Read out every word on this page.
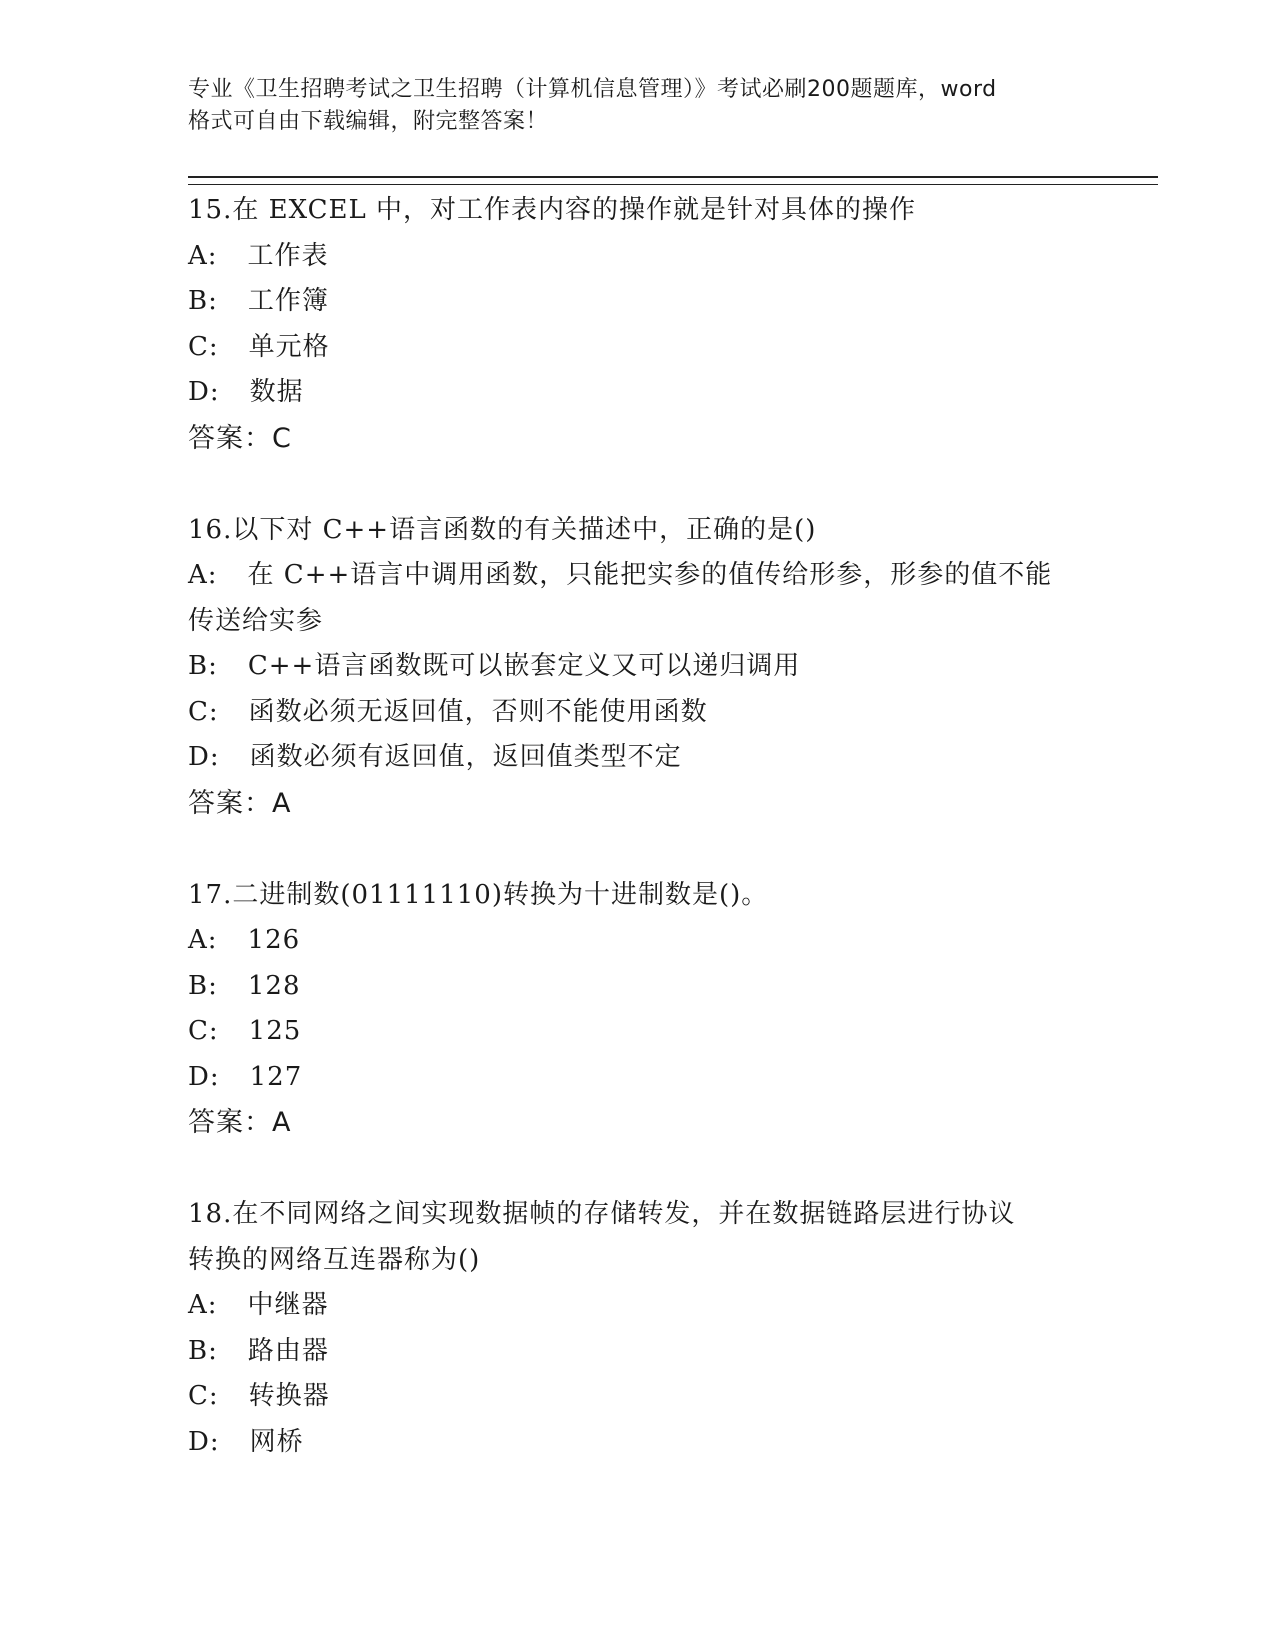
专业《卫生招聘考试之卫生招聘（计算机信息管理）》考试必刷200题题库，word
格式可自由下载编辑，附完整答案！
15.在 EXCEL 中，对工作表内容的操作就是针对具体的操作
A: 工作表
B: 工作簿
C: 单元格
D: 数据
答案：C
16.以下对 C++语言函数的有关描述中，正确的是()
A: 在 C++语言中调用函数，只能把实参的值传给形参，形参的值不能
传送给实参
B: C++语言函数既可以嵌套定义又可以递归调用
C: 函数必须无返回值，否则不能使用函数
D: 函数必须有返回值，返回值类型不定
答案：A
17.二进制数(01111110)转换为十进制数是()。
A: 126
B: 128
C: 125
D: 127
答案：A
18.在不同网络之间实现数据帧的存储转发，并在数据链路层进行协议
转换的网络互连器称为()
A: 中继器
B: 路由器
C: 转换器
D: 网桥
